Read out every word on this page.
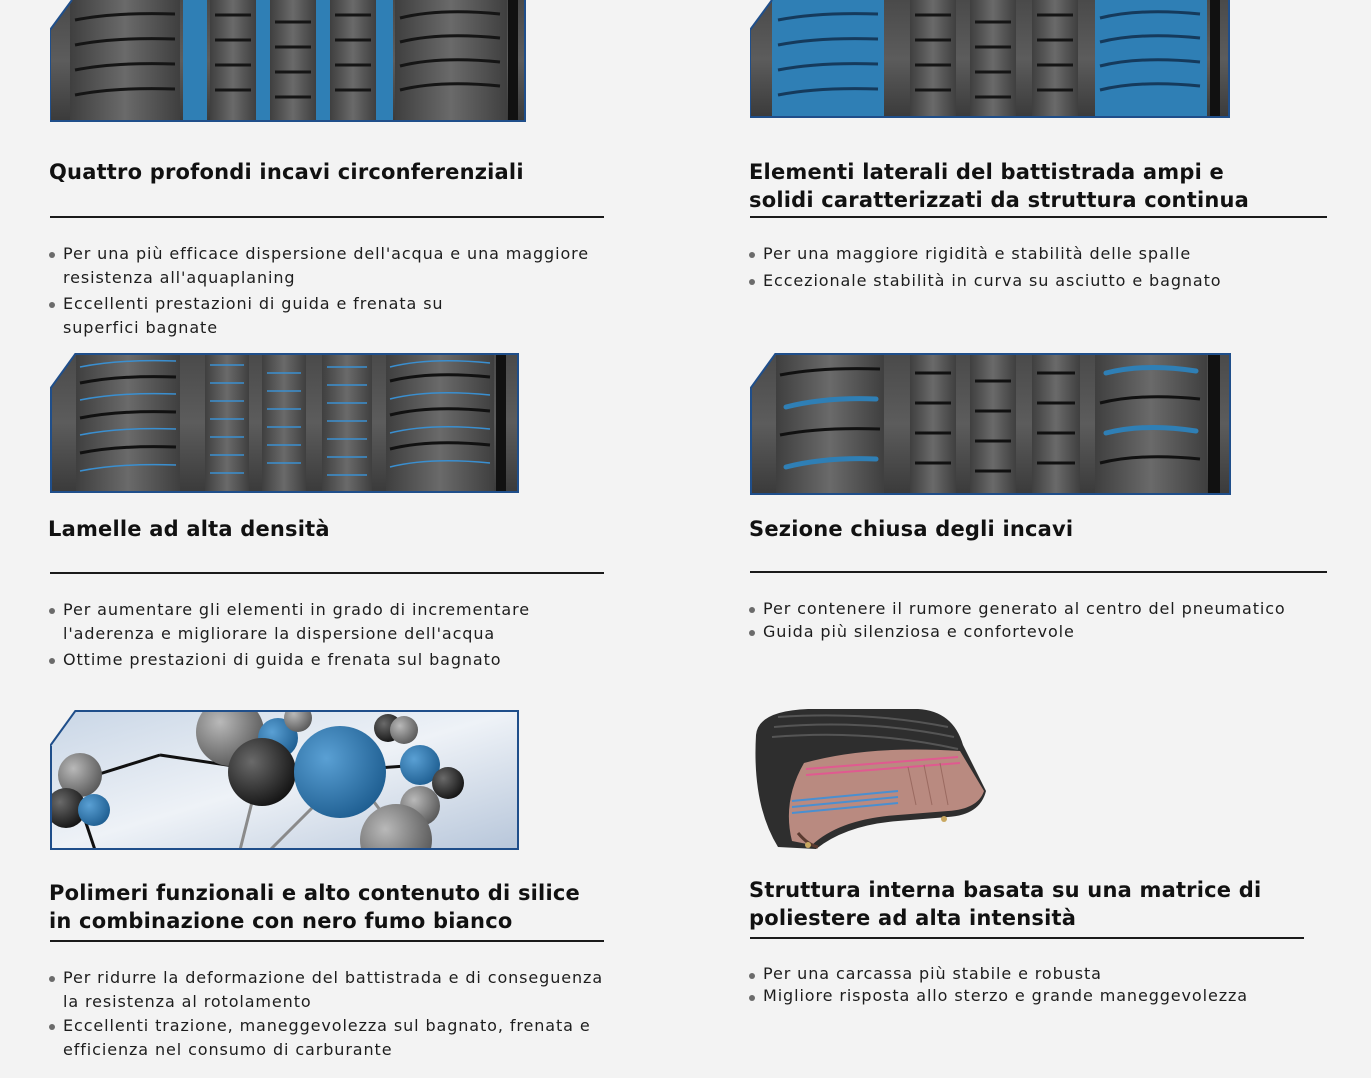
Quattro profondi incavi circonferenziali
Per una più efficace dispersione dell'acqua e una maggiore resistenza all'aquaplaning
Eccellenti prestazioni di guida e frenata su superfici bagnate
Elementi laterali del battistrada ampi e solidi caratterizzati da struttura continua
Per una maggiore rigidità e stabilità delle spalle
Eccezionale stabilità in curva su asciutto e bagnato
Lamelle ad alta densità
Per aumentare gli elementi in grado di incrementare l'aderenza e migliorare la dispersione dell'acqua
Ottime prestazioni di guida e frenata sul bagnato
Sezione chiusa degli incavi
Per contenere il rumore generato al centro del pneumatico
Guida più silenziosa e confortevole
Polimeri funzionali e alto contenuto di silice in combinazione con nero fumo bianco
Per ridurre la deformazione del battistrada e di conseguenza la resistenza al rotolamento
Eccellenti trazione, maneggevolezza sul bagnato, frenata e efficienza nel consumo di carburante
Struttura interna basata su una matrice di poliestere ad alta intensità
Per una carcassa più stabile e robusta
Migliore risposta allo sterzo e grande maneggevolezza
